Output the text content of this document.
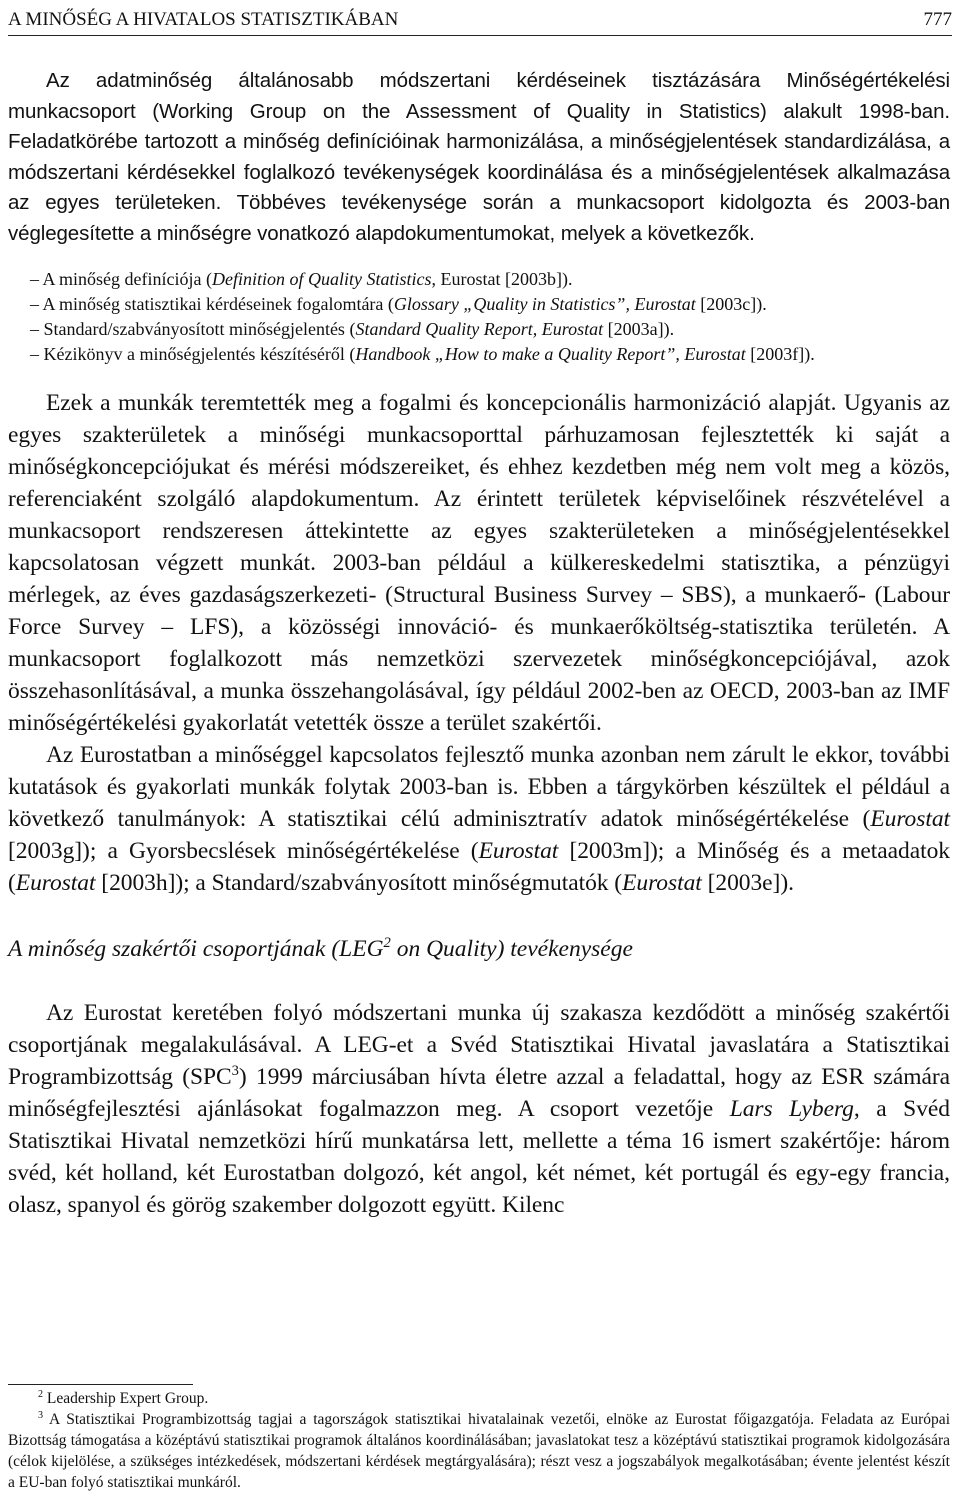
A MINŐSÉG A HIVATALOS STATISZTIKÁBAN	777

Az adatminőség általánosabb módszertani kérdéseinek tisztázására Minőségértékelési munkacsoport (Working Group on the Assessment of Quality in Statistics) alakult 1998-ban. Feladatkörébe tartozott a minőség definícióinak harmonizálása, a minőségjelentések standardizálása, a módszertani kérdésekkel foglalkozó tevékenységek koordinálása és a minőségjelentések alkalmazása az egyes területeken. Többéves tevékenysége során a munkacsoport kidolgozta és 2003-ban véglegesítette a minőségre vonatkozó alapdokumentumokat, melyek a következők.

– A minőség definíciója (Definition of Quality Statistics, Eurostat [2003b]).

– A minőség statisztikai kérdéseinek fogalomtára (Glossary „Quality in Statistics”, Eurostat [2003c]).

– Standard/szabványosított minőségjelentés (Standard Quality Report, Eurostat [2003a]).

– Kézikönyv a minőségjelentés készítéséről (Handbook „How to make a Quality Report”, Eurostat [2003f]).

Ezek a munkák teremtették meg a fogalmi és koncepcionális harmonizáció alapját. Ugyanis az egyes szakterületek a minőségi munkacsoporttal párhuzamosan fejlesztették ki saját a minőségkoncepciójukat és mérési módszereiket, és ehhez kezdetben még nem volt meg a közös, referenciaként szolgáló alapdokumentum. Az érintett területek képviselőinek részvételével a munkacsoport rendszeresen áttekintette az egyes szakterületeken a minőségjelentésekkel kapcsolatosan végzett munkát. 2003-ban például a külkereskedelmi statisztika, a pénzügyi mérlegek, az éves gazdaságszerkezeti- (Structural Business Survey – SBS), a munkaerő- (Labour Force Survey – LFS), a közösségi innováció- és munkaerőköltség-statisztika területén. A munkacsoport foglalkozott más nemzetközi szervezetek minőségkoncepciójával, azok összehasonlításával, a munka összehangolásával, így például 2002-ben az OECD, 2003-ban az IMF minőségértékelési gyakorlatát vetették össze a terület szakértői.

Az Eurostatban a minőséggel kapcsolatos fejlesztő munka azonban nem zárult le ekkor, további kutatások és gyakorlati munkák folytak 2003-ban is. Ebben a tárgykörben készültek el például a következő tanulmányok: A statisztikai célú adminisztratív adatok minőségértékelése (Eurostat [2003g]); a Gyorsbecslések minőségértékelése (Eurostat [2003m]); a Minőség és a metaadatok (Eurostat [2003h]); a Standard/szabványosított minőségmutatók (Eurostat [2003e]).

A minőség szakértői csoportjának (LEG$^2$ on Quality) tevékenysége

Az Eurostat keretében folyó módszertani munka új szakasza kezdődött a minőség szakértői csoportjának megalakulásával. A LEG-et a Svéd Statisztikai Hivatal javaslatára a Statisztikai Programbizottság (SPC$^3$) 1999 márciusában hívta életre azzal a feladattal, hogy az ESR számára minőségfejlesztési ajánlásokat fogalmazzon meg. A csoport vezetője Lars Lyberg, a Svéd Statisztikai Hivatal nemzetközi hírű munkatársa lett, mellette a téma 16 ismert szakértője: három svéd, két holland, két Eurostatban dolgozó, két angol, két német, két portugál és egy-egy francia, olasz, spanyol és görög szakember dolgozott együtt. Kilenc

$^2$ Leadership Expert Group.

$^3$ A Statisztikai Programbizottság tagjai a tagországok statisztikai hivatalainak vezetői, elnöke az Eurostat főigazgatója. Feladata az Európai Bizottság támogatása a középtávú statisztikai programok általános koordinálásában; javaslatokat tesz a középtávú statisztikai programok kidolgozására (célok kijelölése, a szükséges intézkedések, módszertani kérdések megtárgyalására); részt vesz a jogszabályok megalkotásában; évente jelentést készít a EU-ban folyó statisztikai munkáról.
